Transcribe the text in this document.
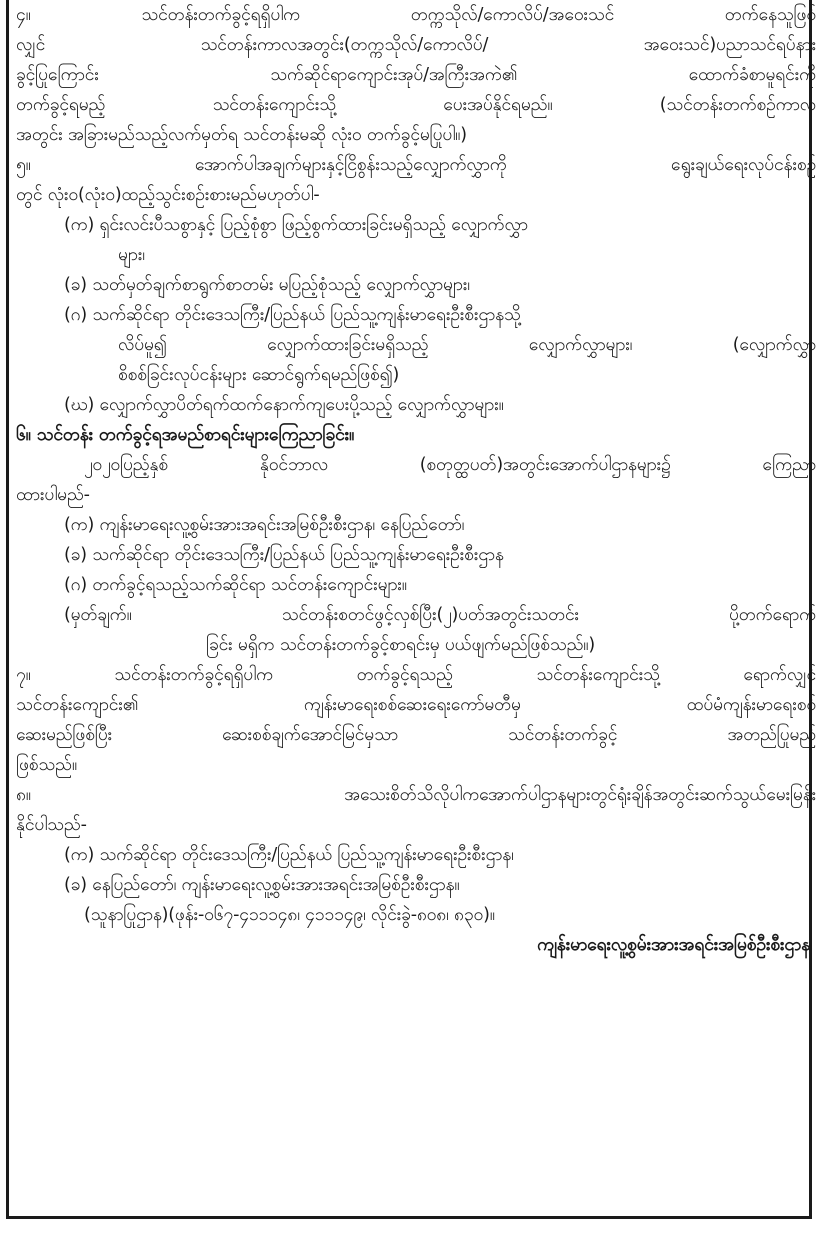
၄။ သင်တန်းတက်ခွင့်ရရှိပါက တက္ကသိုလ်/ကောလိပ်/အဝေးသင် တက်နေသူဖြစ်
လျှင် သင်တန်းကာလအတွင်း(တက္ကသိုလ်/ကောလိပ်/ အဝေးသင်)ပညာသင်ရပ်နား
ခွင့်ပြုကြောင်း သက်ဆိုင်ရာကျောင်းအုပ်/အကြီးအကဲ၏ ထောက်ခံစာမူရင်းကို
တက်ခွင့်ရမည့် သင်တန်းကျောင်းသို့ ပေးအပ်နိုင်ရမည်။ (သင်တန်းတက်စဉ်ကာလ
အတွင်း အခြားမည်သည့်လက်မှတ်ရ သင်တန်းမဆို လုံးဝ တက်ခွင့်မပြုပါ။)
၅။ အောက်ပါအချက်များနှင့်ငြိစွန်းသည့်လျှောက်လွှာကို ရွေးချယ်ရေးလုပ်ငန်းစဉ်
တွင် လုံးဝ(လုံးဝ)ထည့်သွင်းစဉ်းစားမည်မဟုတ်ပါ-
(က) ရှင်းလင်းပီသစွာနှင့် ပြည့်စုံစွာ ဖြည့်စွက်ထားခြင်းမရှိသည့် လျှောက်လွှာ
များ၊
(ခ) သတ်မှတ်ချက်စာရွက်စာတမ်း မပြည့်စုံသည့် လျှောက်လွှာများ၊
(ဂ) သက်ဆိုင်ရာ တိုင်းဒေသကြီး/ပြည်နယ် ပြည်သူ့ကျန်းမာရေးဦးစီးဌာနသို့
လိပ်မူ၍ လျှောက်ထားခြင်းမရှိသည့် လျှောက်လွှာများ၊ (လျှောက်လွှာ
စိစစ်ခြင်းလုပ်ငန်းများ ဆောင်ရွက်ရမည်ဖြစ်၍)
(ဃ) လျှောက်လွှာပိတ်ရက်ထက်နောက်ကျပေးပို့သည့် လျှောက်လွှာများ။
၆။ သင်တန်း တက်ခွင့်ရအမည်စာရင်းများကြေညာခြင်း။
၂၀၂၀ပြည့်နှစ် နိုဝင်ဘာလ (စတုတ္ထပတ်)အတွင်းအောက်ပါဌာနများ၌ ကြေညာ
ထားပါမည်-
(က) ကျန်းမာရေးလူ့စွမ်းအားအရင်းအမြစ်ဦးစီးဌာန၊ နေပြည်တော်၊
(ခ) သက်ဆိုင်ရာ တိုင်းဒေသကြီး/ပြည်နယ် ပြည်သူ့ကျန်းမာရေးဦးစီးဌာန
(ဂ) တက်ခွင့်ရသည့်သက်ဆိုင်ရာ သင်တန်းကျောင်းများ။
(မှတ်ချက်။ သင်တန်းစတင်ဖွင့်လှစ်ပြီး(၂)ပတ်အတွင်းသတင်း ပို့တက်ရောက်
ခြင်း မရှိက သင်တန်းတက်ခွင့်စာရင်းမှ ပယ်ဖျက်မည်ဖြစ်သည်။)
၇။ သင်တန်းတက်ခွင့်ရရှိပါက တက်ခွင့်ရသည့် သင်တန်းကျောင်းသို့ ရောက်လျှင်
သင်တန်းကျောင်း၏ ကျန်းမာရေးစစ်ဆေးရေးကော်မတီမှ ထပ်မံကျန်းမာရေးစစ်
ဆေးမည်ဖြစ်ပြီး ဆေးစစ်ချက်အောင်မြင်မှသာ သင်တန်းတက်ခွင့် အတည်ပြုမည်
ဖြစ်သည်။
၈။ အသေးစိတ်သိလိုပါကအောက်ပါဌာနများတွင်ရုံးချိန်အတွင်းဆက်သွယ်မေးမြန်း
နိုင်ပါသည်-
(က) သက်ဆိုင်ရာ တိုင်းဒေသကြီး/ပြည်နယ် ပြည်သူ့ကျန်းမာရေးဦးစီးဌာန၊
(ခ) နေပြည်တော်၊ ကျန်းမာရေးလူ့စွမ်းအားအရင်းအမြစ်ဦးစီးဌာန။
(သူနာပြုဌာန)(ဖုန်း-၀၆၇-၄၁၁၁၄၈၊ ၄၁၁၁၄၉၊ လိုင်းခွဲ-၈၀၈၊ ၈၃၀)။
ကျန်းမာရေးလူ့စွမ်းအားအရင်းအမြစ်ဦးစီးဌာန
